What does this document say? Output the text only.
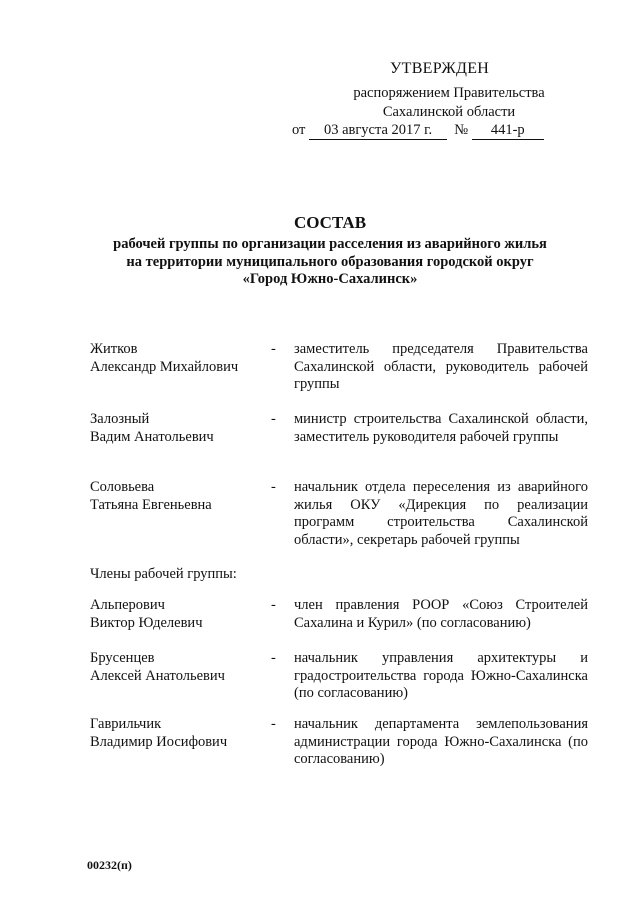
УТВЕРЖДЕН
распоряжением Правительства
Сахалинской области
от 03 августа 2017 г. № 441-р
СОСТАВ
рабочей группы по организации расселения из аварийного жилья
на территории муниципального образования городской округ
«Город Южно-Сахалинск»
Житков
Александр Михайлович
- заместитель председателя Правительства Сахалинской области, руководитель рабочей группы
Залозный
Вадим Анатольевич
- министр строительства Сахалинской области, заместитель руководителя рабочей группы
Соловьева
Татьяна Евгеньевна
- начальник отдела переселения из аварийного жилья ОКУ «Дирекция по реализации программ строительства Сахалинской области», секретарь рабочей группы
Члены рабочей группы:
Альперович
Виктор Юделевич
- член правления РООР «Союз Строителей Сахалина и Курил» (по согласованию)
Брусенцев
Алексей Анатольевич
- начальник управления архитектуры и градостроительства города Южно-Сахалинска (по согласованию)
Гаврильчик
Владимир Иосифович
- начальник департамента землепользования администрации города Южно-Сахалинска (по согласованию)
00232(п)
